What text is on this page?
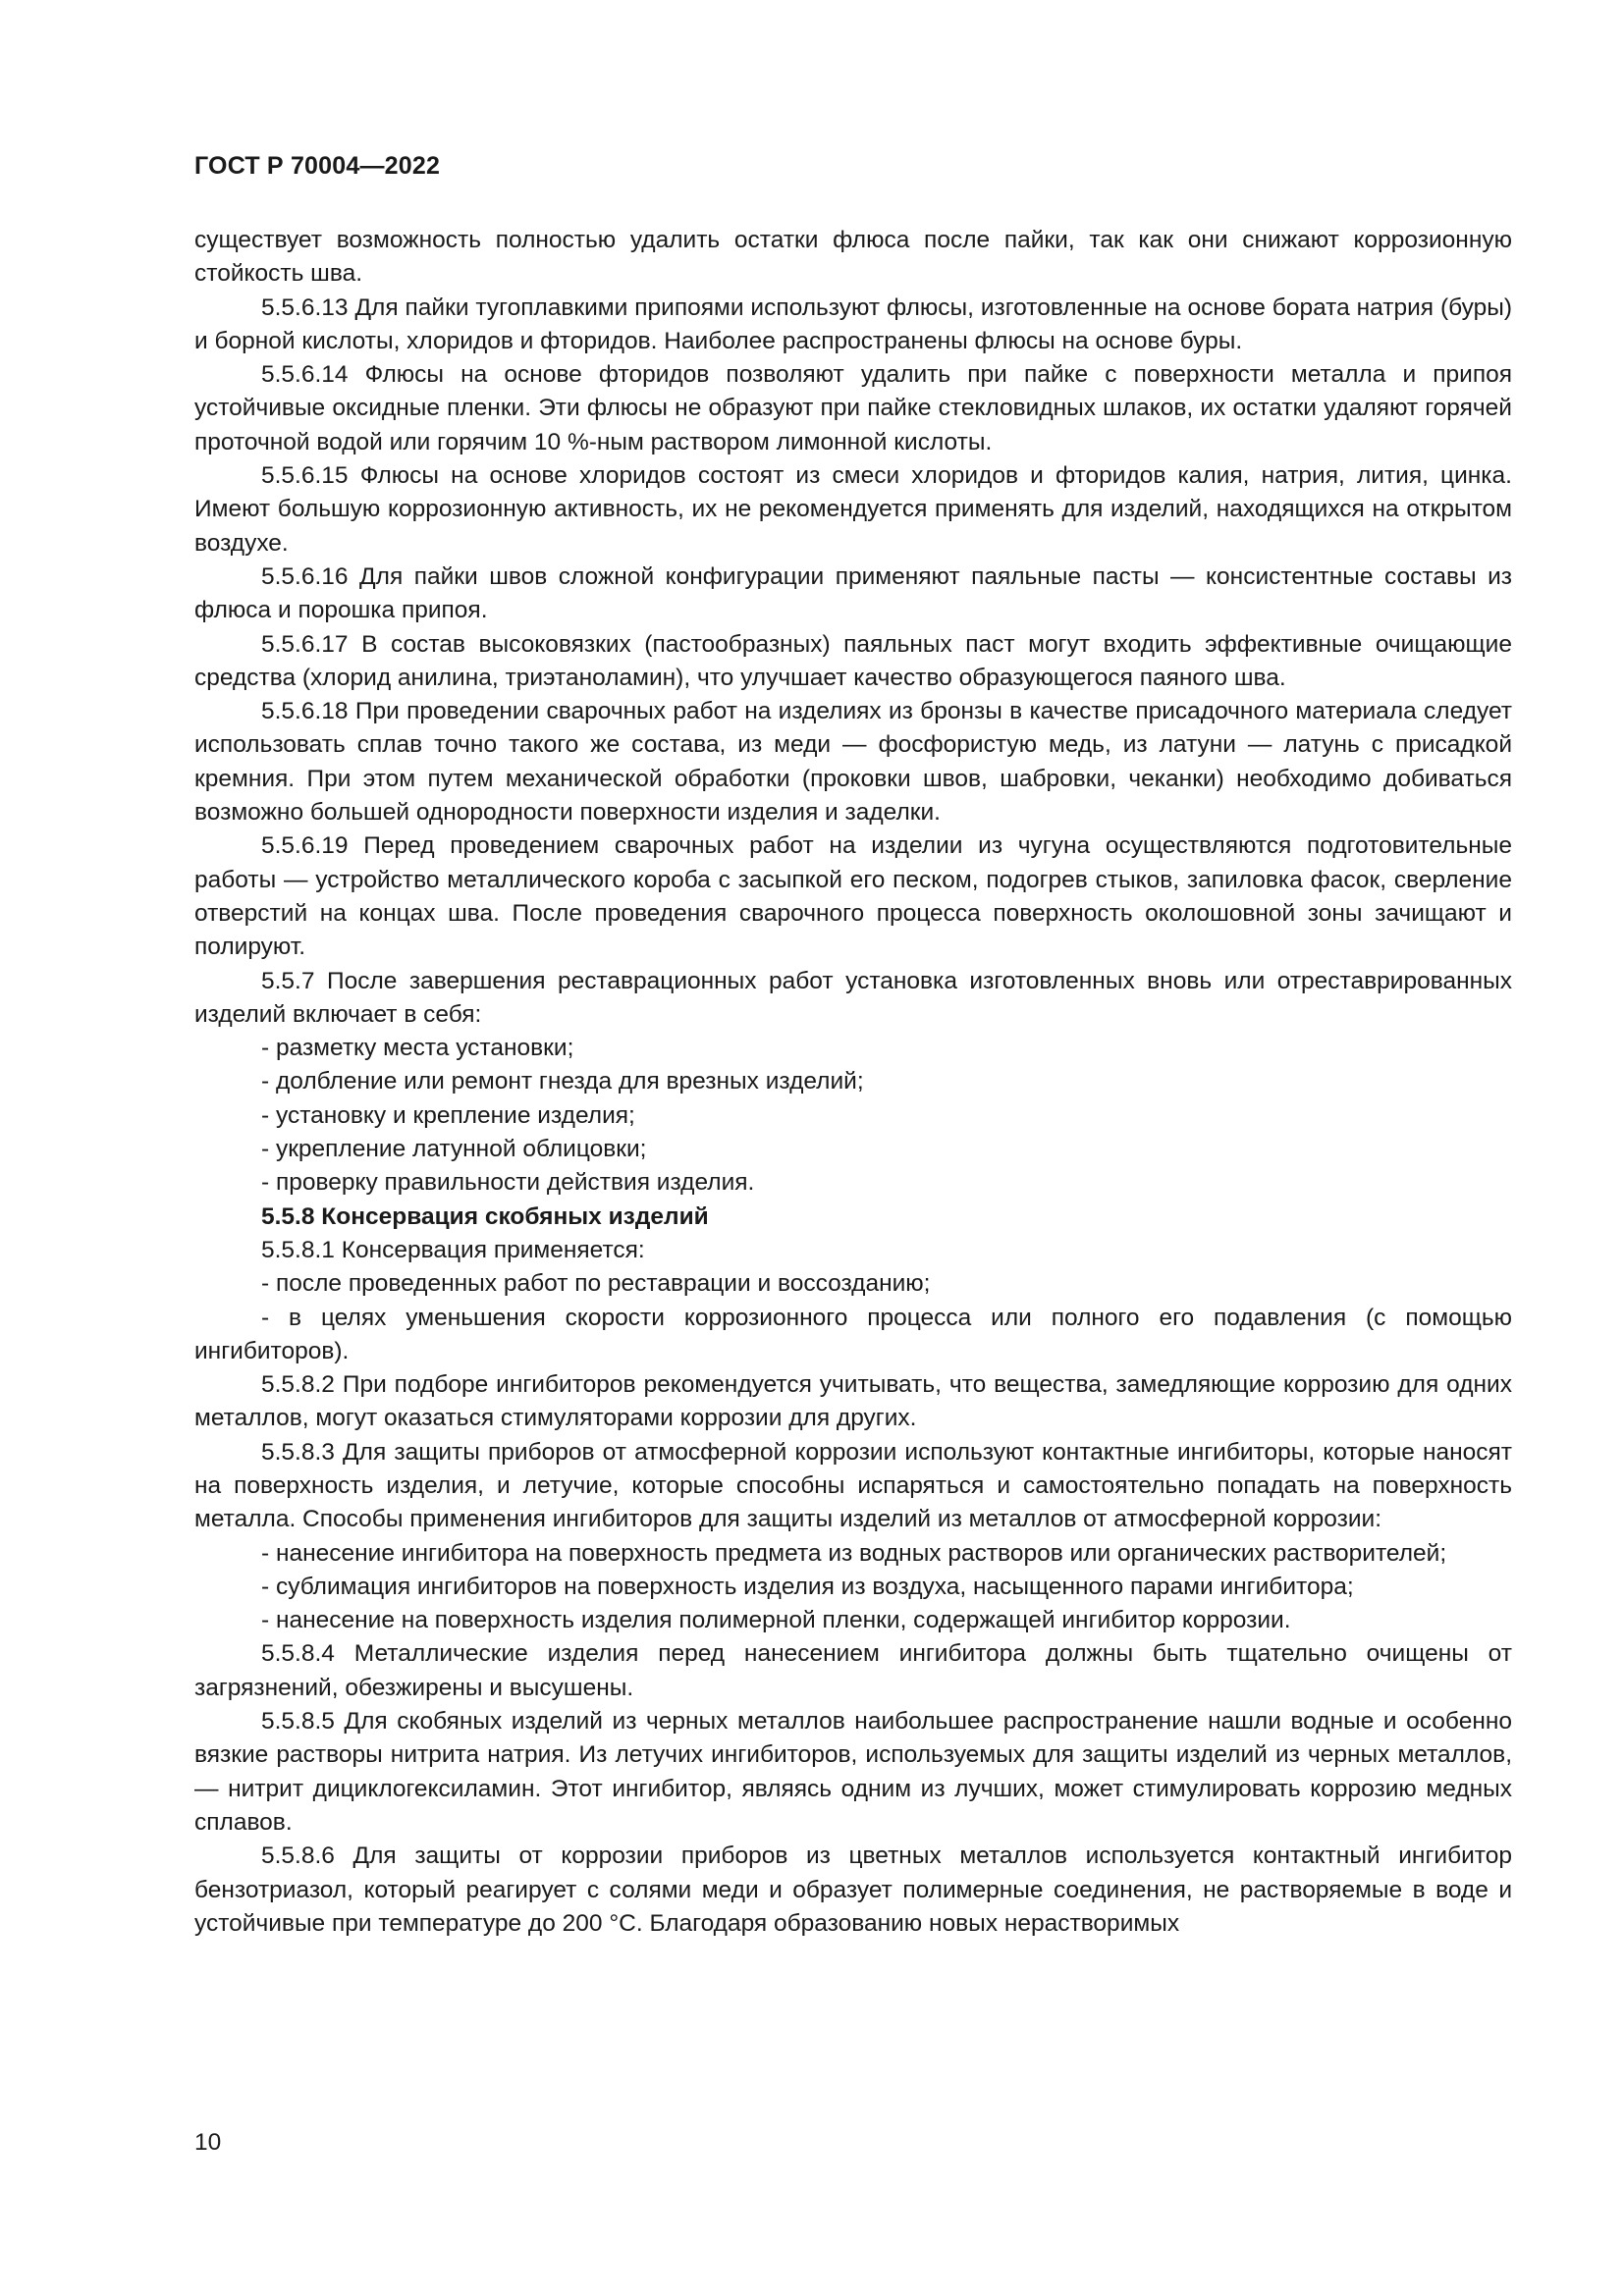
ГОСТ Р 70004—2022

существует возможность полностью удалить остатки флюса после пайки, так как они снижают коррозионную стойкость шва.

5.5.6.13 Для пайки тугоплавкими припоями используют флюсы, изготовленные на основе бората натрия (буры) и борной кислоты, хлоридов и фторидов. Наиболее распространены флюсы на основе буры.

5.5.6.14 Флюсы на основе фторидов позволяют удалить при пайке с поверхности металла и припоя устойчивые оксидные пленки. Эти флюсы не образуют при пайке стекловидных шлаков, их остатки удаляют горячей проточной водой или горячим 10 %-ным раствором лимонной кислоты.

5.5.6.15 Флюсы на основе хлоридов состоят из смеси хлоридов и фторидов калия, натрия, лития, цинка. Имеют большую коррозионную активность, их не рекомендуется применять для изделий, находящихся на открытом воздухе.

5.5.6.16 Для пайки швов сложной конфигурации применяют паяльные пасты — консистентные составы из флюса и порошка припоя.

5.5.6.17 В состав высоковязких (пастообразных) паяльных паст могут входить эффективные очищающие средства (хлорид анилина, триэтаноламин), что улучшает качество образующегося паяного шва.

5.5.6.18 При проведении сварочных работ на изделиях из бронзы в качестве присадочного материала следует использовать сплав точно такого же состава, из меди — фосфористую медь, из латуни — латунь с присадкой кремния. При этом путем механической обработки (проковки швов, шабровки, чеканки) необходимо добиваться возможно большей однородности поверхности изделия и заделки.

5.5.6.19 Перед проведением сварочных работ на изделии из чугуна осуществляются подготовительные работы — устройство металлического короба с засыпкой его песком, подогрев стыков, запиловка фасок, сверление отверстий на концах шва. После проведения сварочного процесса поверхность околошовной зоны зачищают и полируют.

5.5.7 После завершения реставрационных работ установка изготовленных вновь или отреставрированных изделий включает в себя:

- разметку места установки;

- долбление или ремонт гнезда для врезных изделий;

- установку и крепление изделия;

- укрепление латунной облицовки;

- проверку правильности действия изделия.

5.5.8 Консервация скобяных изделий

5.5.8.1 Консервация применяется:

- после проведенных работ по реставрации и воссозданию;

- в целях уменьшения скорости коррозионного процесса или полного его подавления (с помощью ингибиторов).

5.5.8.2 При подборе ингибиторов рекомендуется учитывать, что вещества, замедляющие коррозию для одних металлов, могут оказаться стимуляторами коррозии для других.

5.5.8.3 Для защиты приборов от атмосферной коррозии используют контактные ингибиторы, которые наносят на поверхность изделия, и летучие, которые способны испаряться и самостоятельно попадать на поверхность металла. Способы применения ингибиторов для защиты изделий из металлов от атмосферной коррозии:

- нанесение ингибитора на поверхность предмета из водных растворов или органических растворителей;

- сублимация ингибиторов на поверхность изделия из воздуха, насыщенного парами ингибитора;

- нанесение на поверхность изделия полимерной пленки, содержащей ингибитор коррозии.

5.5.8.4 Металлические изделия перед нанесением ингибитора должны быть тщательно очищены от загрязнений, обезжирены и высушены.

5.5.8.5 Для скобяных изделий из черных металлов наибольшее распространение нашли водные и особенно вязкие растворы нитрита натрия. Из летучих ингибиторов, используемых для защиты изделий из черных металлов, — нитрит дициклогексиламин. Этот ингибитор, являясь одним из лучших, может стимулировать коррозию медных сплавов.

5.5.8.6 Для защиты от коррозии приборов из цветных металлов используется контактный ингибитор бензотриазол, который реагирует с солями меди и образует полимерные соединения, не растворяемые в воде и устойчивые при температуре до 200 °С. Благодаря образованию новых нерастворимых

10
